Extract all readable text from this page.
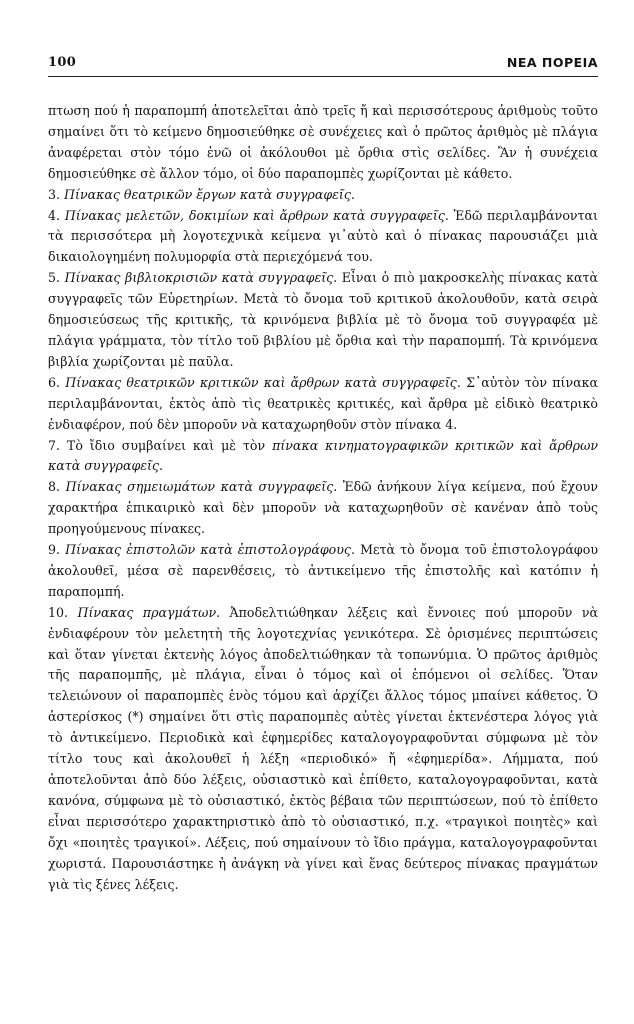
100	ΝΕΑ ΠΟΡΕΙΑ

πτωση πού ἡ παραπομπή ἀποτελεῖται ἀπὸ τρεῖς ἤ καὶ περισσότερους ἀριθμοὺς τοῦτο σημαίνει ὅτι τὸ κείμενο δημοσιεύθηκε σὲ συνέχειες καὶ ὁ πρῶτος ἀριθμὸς μὲ πλάγια ἀναφέρεται στὸν τόμο ἐνῶ οἱ ἀκόλουθοι μὲ ὄρθια στὶς σελίδες. Ἂν ἡ συνέχεια δημοσιεύθηκε σὲ ἄλλον τόμο, οἱ δύο παραπομπὲς χωρίζονται μὲ κάθετο.

3. Πίνακας θεατρικῶν ἔργων κατὰ συγγραφεῖς.

4. Πίνακας μελετῶν, δοκιμίων καὶ ἄρθρων κατὰ συγγραφεῖς. Ἐδῶ περιλαμβάνονται τὰ περισσότερα μὴ λογοτεχνικὰ κείμενα γι᾿αὐτὸ καὶ ὁ πίνακας παρουσιάζει μιὰ δικαιολογημένη πολυμορφία στὰ περιεχόμενά του.

5. Πίνακας βιβλιοκρισιῶν κατὰ συγγραφεῖς. Εἶναι ὁ πιὸ μακροσκελὴς πίνακας κατὰ συγγραφεῖς τῶν Εὑρετηρίων. Μετὰ τὸ ὄνομα τοῦ κριτικοῦ ἀκολουθοῦν, κατὰ σειρὰ δημοσιεύσεως τῆς κριτικῆς, τὰ κρινόμενα βιβλία μὲ τὸ ὄνομα τοῦ συγγραφέα μὲ πλάγια γράμματα, τὸν τίτλο τοῦ βιβλίου μὲ ὄρθια καὶ τὴν παραπομπή. Τὰ κρινόμενα βιβλία χωρίζονται μὲ παῦλα.

6. Πίνακας θεατρικῶν κριτικῶν καὶ ἄρθρων κατὰ συγγραφεῖς. Σ᾿αὐτὸν τὸν πίνακα περιλαμβάνονται, ἐκτὸς ἀπὸ τὶς θεατρικὲς κριτικές, καὶ ἄρθρα μὲ εἰδικὸ θεατρικὸ ἐνδιαφέρον, πού δὲν μποροῦν νὰ καταχωρηθοῦν στὸν πίνακα 4.

7. Τὸ ἴδιο συμβαίνει καὶ μὲ τὸν πίνακα κινηματογραφικῶν κριτικῶν καὶ ἄρθρων κατὰ συγγραφεῖς.

8. Πίνακας σημειωμάτων κατὰ συγγραφεῖς. Ἐδῶ ἀνήκουν λίγα κείμενα, πού ἔχουν χαρακτήρα ἐπικαιρικὸ καὶ δὲν μποροῦν νὰ καταχωρηθοῦν σὲ κανέναν ἀπὸ τοὺς προηγούμενους πίνακες.

9. Πίνακας ἐπιστολῶν κατὰ ἐπιστολογράφους. Μετὰ τὸ ὄνομα τοῦ ἐπιστολογράφου ἀκολουθεῖ, μέσα σὲ παρενθέσεις, τὸ ἀντικείμενο τῆς ἐπιστολῆς καὶ κατόπιν ἡ παραπομπή.

10. Πίνακας πραγμάτων. Ἀποδελτιώθηκαν λέξεις καὶ ἔννοιες πού μποροῦν νὰ ἐνδιαφέρουν τὸν μελετητὴ τῆς λογοτεχνίας γενικότερα. Σὲ ὁρισμένες περιπτώσεις καὶ ὅταν γίνεται ἐκτενὴς λόγος ἀποδελτιώθηκαν τὰ τοπωνύμια. Ὁ πρῶτος ἀριθμὸς τῆς παραπομπῆς, μὲ πλάγια, εἶναι ὁ τόμος καὶ οἱ ἑπόμενοι οἱ σελίδες. Ὅταν τελειώνουν οἱ παραπομπὲς ἑνὸς τόμου καὶ ἀρχίζει ἄλλος τόμος μπαίνει κάθετος. Ὁ ἀστερίσκος (*) σημαίνει ὅτι στὶς παραπομπὲς αὐτὲς γίνεται ἐκτενέστερα λόγος γιὰ τὸ ἀντικείμενο. Περιοδικὰ καὶ ἐφημερίδες καταλογογραφοῦνται σύμφωνα μὲ τὸν τίτλο τους καὶ ἀκολουθεῖ ἡ λέξη «περιοδικό» ἤ «ἐφημερίδα». Λήμματα, πού ἀποτελοῦνται ἀπὸ δύο λέξεις, οὐσιαστικὸ καὶ ἐπίθετο, καταλογογραφοῦνται, κατὰ κανόνα, σύμφωνα μὲ τὸ οὐσιαστικό, ἐκτὸς βέβαια τῶν περιπτώσεων, πού τὸ ἐπίθετο εἶναι περισσότερο χαρακτηριστικὸ ἀπὸ τὸ οὐσιαστικό, π.χ. «τραγικοὶ ποιητὲς» καὶ ὄχι «ποιητὲς τραγικοί». Λέξεις, πού σημαίνουν τὸ ἴδιο πράγμα, καταλογογραφοῦνται χωριστά. Παρουσιάστηκε ἡ ἀνάγκη νὰ γίνει καὶ ἕνας δεύτερος πίνακας πραγμάτων γιὰ τὶς ξένες λέξεις.
